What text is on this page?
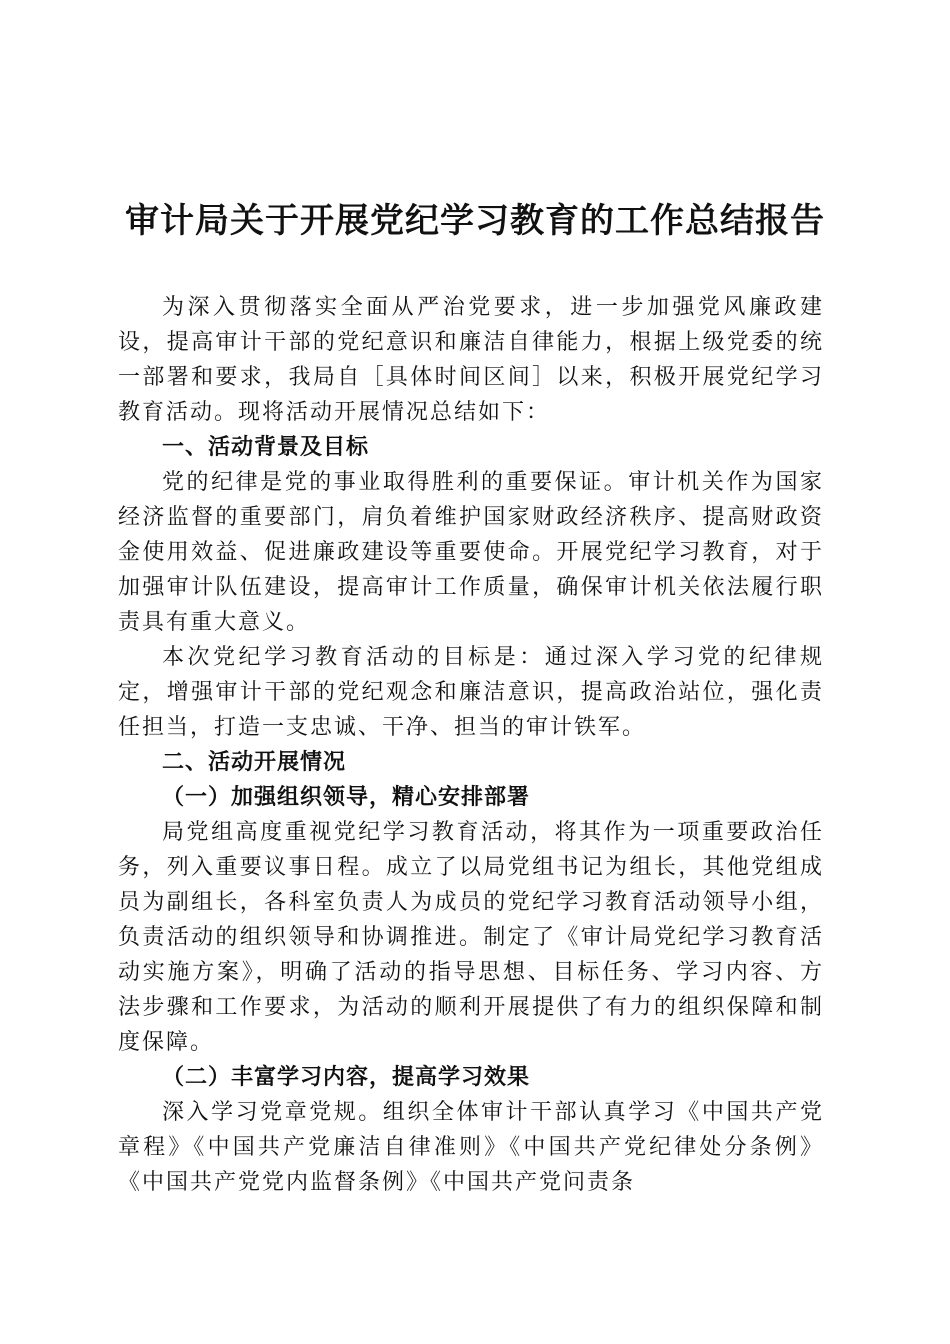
审计局关于开展党纪学习教育的工作总结报告

为深入贯彻落实全面从严治党要求，进一步加强党风廉政建设，提高审计干部的党纪意识和廉洁自律能力，根据上级党委的统一部署和要求，我局自［具体时间区间］以来，积极开展党纪学习教育活动。现将活动开展情况总结如下：

一、活动背景及目标

党的纪律是党的事业取得胜利的重要保证。审计机关作为国家经济监督的重要部门，肩负着维护国家财政经济秩序、提高财政资金使用效益、促进廉政建设等重要使命。开展党纪学习教育，对于加强审计队伍建设，提高审计工作质量，确保审计机关依法履行职责具有重大意义。

本次党纪学习教育活动的目标是：通过深入学习党的纪律规定，增强审计干部的党纪观念和廉洁意识，提高政治站位，强化责任担当，打造一支忠诚、干净、担当的审计铁军。

二、活动开展情况
（一）加强组织领导，精心安排部署

局党组高度重视党纪学习教育活动，将其作为一项重要政治任务，列入重要议事日程。成立了以局党组书记为组长，其他党组成员为副组长，各科室负责人为成员的党纪学习教育活动领导小组，负责活动的组织领导和协调推进。制定了《审计局党纪学习教育活动实施方案》，明确了活动的指导思想、目标任务、学习内容、方法步骤和工作要求，为活动的顺利开展提供了有力的组织保障和制度保障。

（二）丰富学习内容，提高学习效果

深入学习党章党规。组织全体审计干部认真学习《中国共产党章程》《中国共产党廉洁自律准则》《中国共产党纪律处分条例》《中国共产党党内监督条例》《中国共产党问责条
